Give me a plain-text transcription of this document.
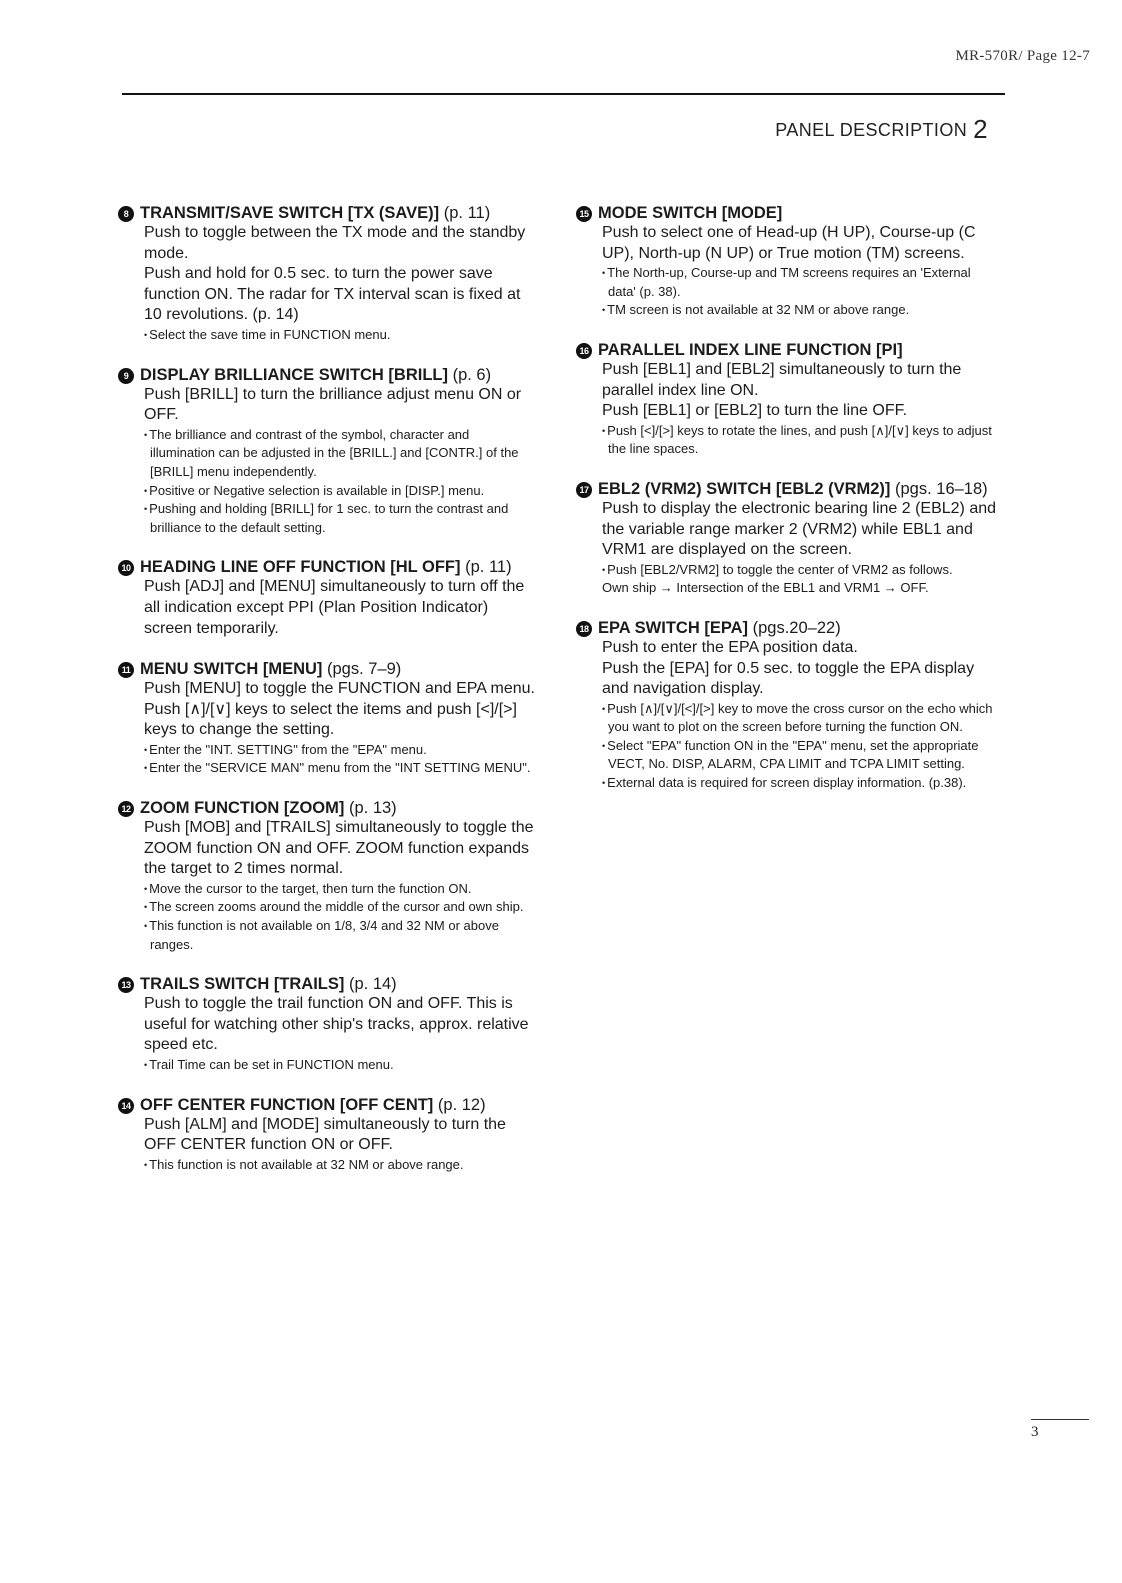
MR-570R/ Page 12-7
PANEL DESCRIPTION 2
8 TRANSMIT/SAVE SWITCH [TX (SAVE)] (p. 11)
Push to toggle between the TX mode and the standby mode.
Push and hold for 0.5 sec. to turn the power save function ON. The radar for TX interval scan is fixed at 10 revolutions. (p. 14)
• Select the save time in FUNCTION menu.
9 DISPLAY BRILLIANCE SWITCH [BRILL] (p. 6)
Push [BRILL] to turn the brilliance adjust menu ON or OFF.
• The brilliance and contrast of the symbol, character and illumination can be adjusted in the [BRILL.] and [CONTR.] of the [BRILL] menu independently.
• Positive or Negative selection is available in [DISP.] menu.
• Pushing and holding [BRILL] for 1 sec. to turn the contrast and brilliance to the default setting.
10 HEADING LINE OFF FUNCTION [HL OFF] (p. 11)
Push [ADJ] and [MENU] simultaneously to turn off the all indication except PPI (Plan Position Indicator) screen temporarily.
11 MENU SWITCH [MENU] (pgs. 7–9)
Push [MENU] to toggle the FUNCTION and EPA menu. Push [∧]/[∨] keys to select the items and push [<]/[>] keys to change the setting.
• Enter the "INT. SETTING" from the "EPA" menu.
• Enter the "SERVICE MAN" menu from the "INT SETTING MENU".
12 ZOOM FUNCTION [ZOOM] (p. 13)
Push [MOB] and [TRAILS] simultaneously to toggle the ZOOM function ON and OFF. ZOOM function expands the target to 2 times normal.
• Move the cursor to the target, then turn the function ON.
• The screen zooms around the middle of the cursor and own ship.
• This function is not available on 1/8, 3/4 and 32 NM or above ranges.
13 TRAILS SWITCH [TRAILS] (p. 14)
Push to toggle the trail function ON and OFF. This is useful for watching other ship's tracks, approx. relative speed etc.
• Trail Time can be set in FUNCTION menu.
14 OFF CENTER FUNCTION [OFF CENT] (p. 12)
Push [ALM] and [MODE] simultaneously to turn the OFF CENTER function ON or OFF.
• This function is not available at 32 NM or above range.
15 MODE SWITCH [MODE]
Push to select one of Head-up (H UP), Course-up (C UP), North-up (N UP) or True motion (TM) screens.
• The North-up, Course-up and TM screens requires an 'External data' (p. 38).
• TM screen is not available at 32 NM or above range.
16 PARALLEL INDEX LINE FUNCTION [PI]
Push [EBL1] and [EBL2] simultaneously to turn the parallel index line ON.
Push [EBL1] or [EBL2] to turn the line OFF.
• Push [<]/[>] keys to rotate the lines, and push [∧]/[∨] keys to adjust the line spaces.
17 EBL2 (VRM2) SWITCH [EBL2 (VRM2)] (pgs. 16–18)
Push to display the electronic bearing line 2 (EBL2) and the variable range marker 2 (VRM2) while EBL1 and VRM1 are displayed on the screen.
• Push [EBL2/VRM2] to toggle the center of VRM2 as follows.
Own ship → Intersection of the EBL1 and VRM1 → OFF.
18 EPA SWITCH [EPA] (pgs.20–22)
Push to enter the EPA position data.
Push the [EPA] for 0.5 sec. to toggle the EPA display and navigation display.
• Push [∧]/[∨]/[<]/[>] key to move the cross cursor on the echo which you want to plot on the screen before turning the function ON.
• Select "EPA" function ON in the "EPA" menu, set the appropriate VECT, No. DISP, ALARM, CPA LIMIT and TCPA LIMIT setting.
• External data is required for screen display information. (p.38).
3
